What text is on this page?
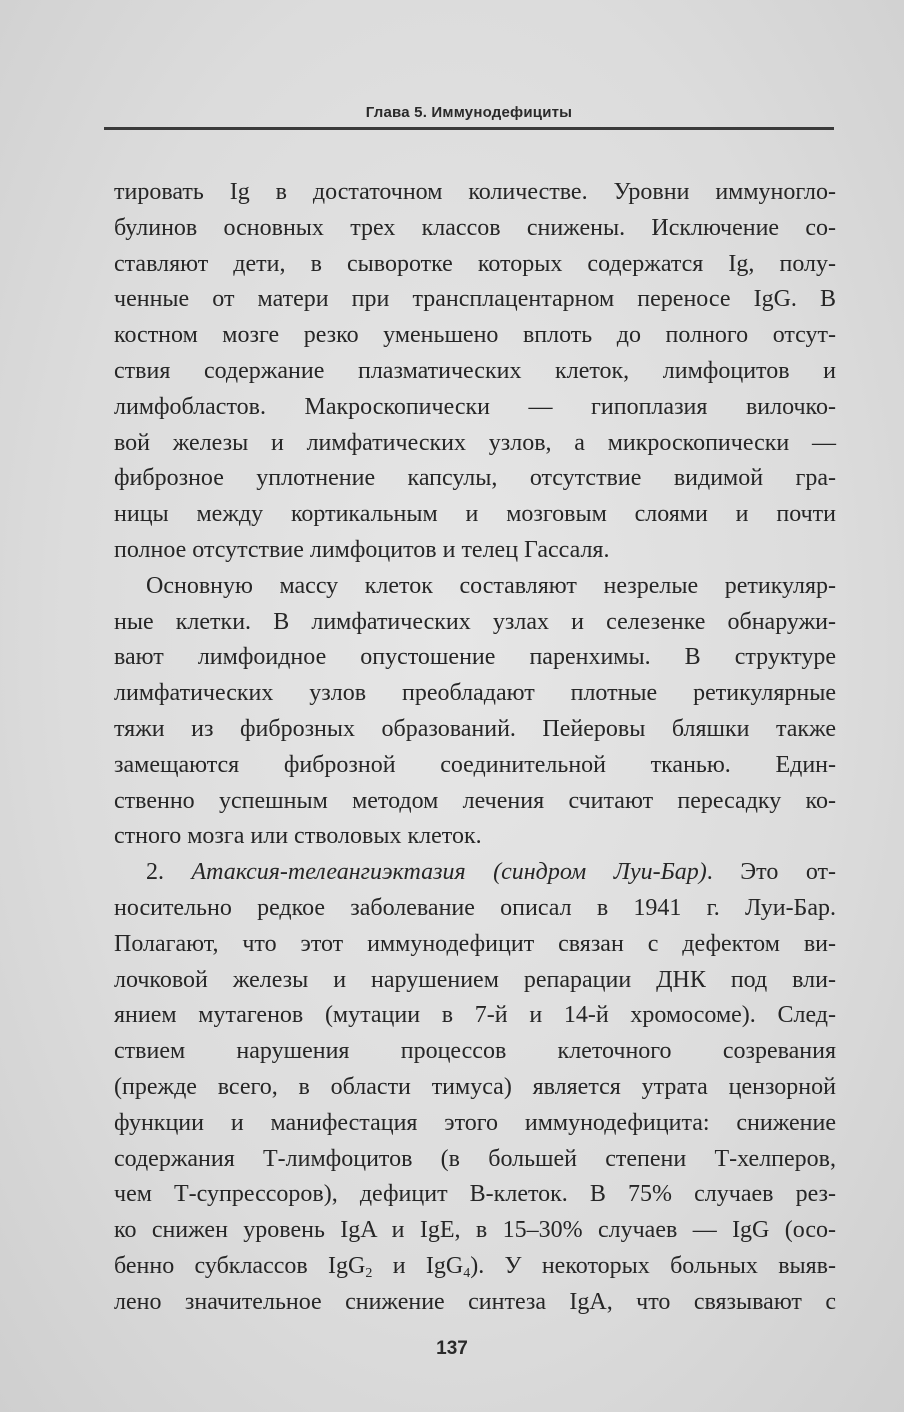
Глава 5. Иммунодефициты
тировать Ig в достаточном количестве. Уровни иммуногло-
булинов основных трех классов снижены. Исключение со-
ставляют дети, в сыворотке которых содержатся Ig, полу-
ченные от матери при трансплацентарном переносе IgG. В
костном мозге резко уменьшено вплоть до полного отсут-
ствия содержание плазматических клеток, лимфоцитов и
лимфобластов. Макроскопически — гипоплазия вилочко-
вой железы и лимфатических узлов, а микроскопически —
фиброзное уплотнение капсулы, отсутствие видимой гра-
ницы между кортикальным и мозговым слоями и почти
полное отсутствие лимфоцитов и телец Гассаля.
Основную массу клеток составляют незрелые ретикуляр-
ные клетки. В лимфатических узлах и селезенке обнаружи-
вают лимфоидное опустошение паренхимы. В структуре
лимфатических узлов преобладают плотные ретикулярные
тяжи из фиброзных образований. Пейеровы бляшки также
замещаются фиброзной соединительной тканью. Един-
ственно успешным методом лечения считают пересадку ко-
стного мозга или стволовых клеток.
2. Атаксия-телеангиэктазия (синдром Луи-Бар). Это от-
носительно редкое заболевание описал в 1941 г. Луи-Бар.
Полагают, что этот иммунодефицит связан с дефектом ви-
лочковой железы и нарушением репарации ДНК под вли-
янием мутагенов (мутации в 7-й и 14-й хромосоме). След-
ствием нарушения процессов клеточного созревания
(прежде всего, в области тимуса) является утрата цензорной
функции и манифестация этого иммунодефицита: снижение
содержания Т-лимфоцитов (в большей степени Т-хелперов,
чем Т-супрессоров), дефицит В-клеток. В 75% случаев рез-
ко снижен уровень IgA и IgE, в 15–30% случаев — IgG (осо-
бенно субклассов IgG$_2$ и IgG$_4$). У некоторых больных выяв-
лено значительное снижение синтеза IgA, что связывают с
137
